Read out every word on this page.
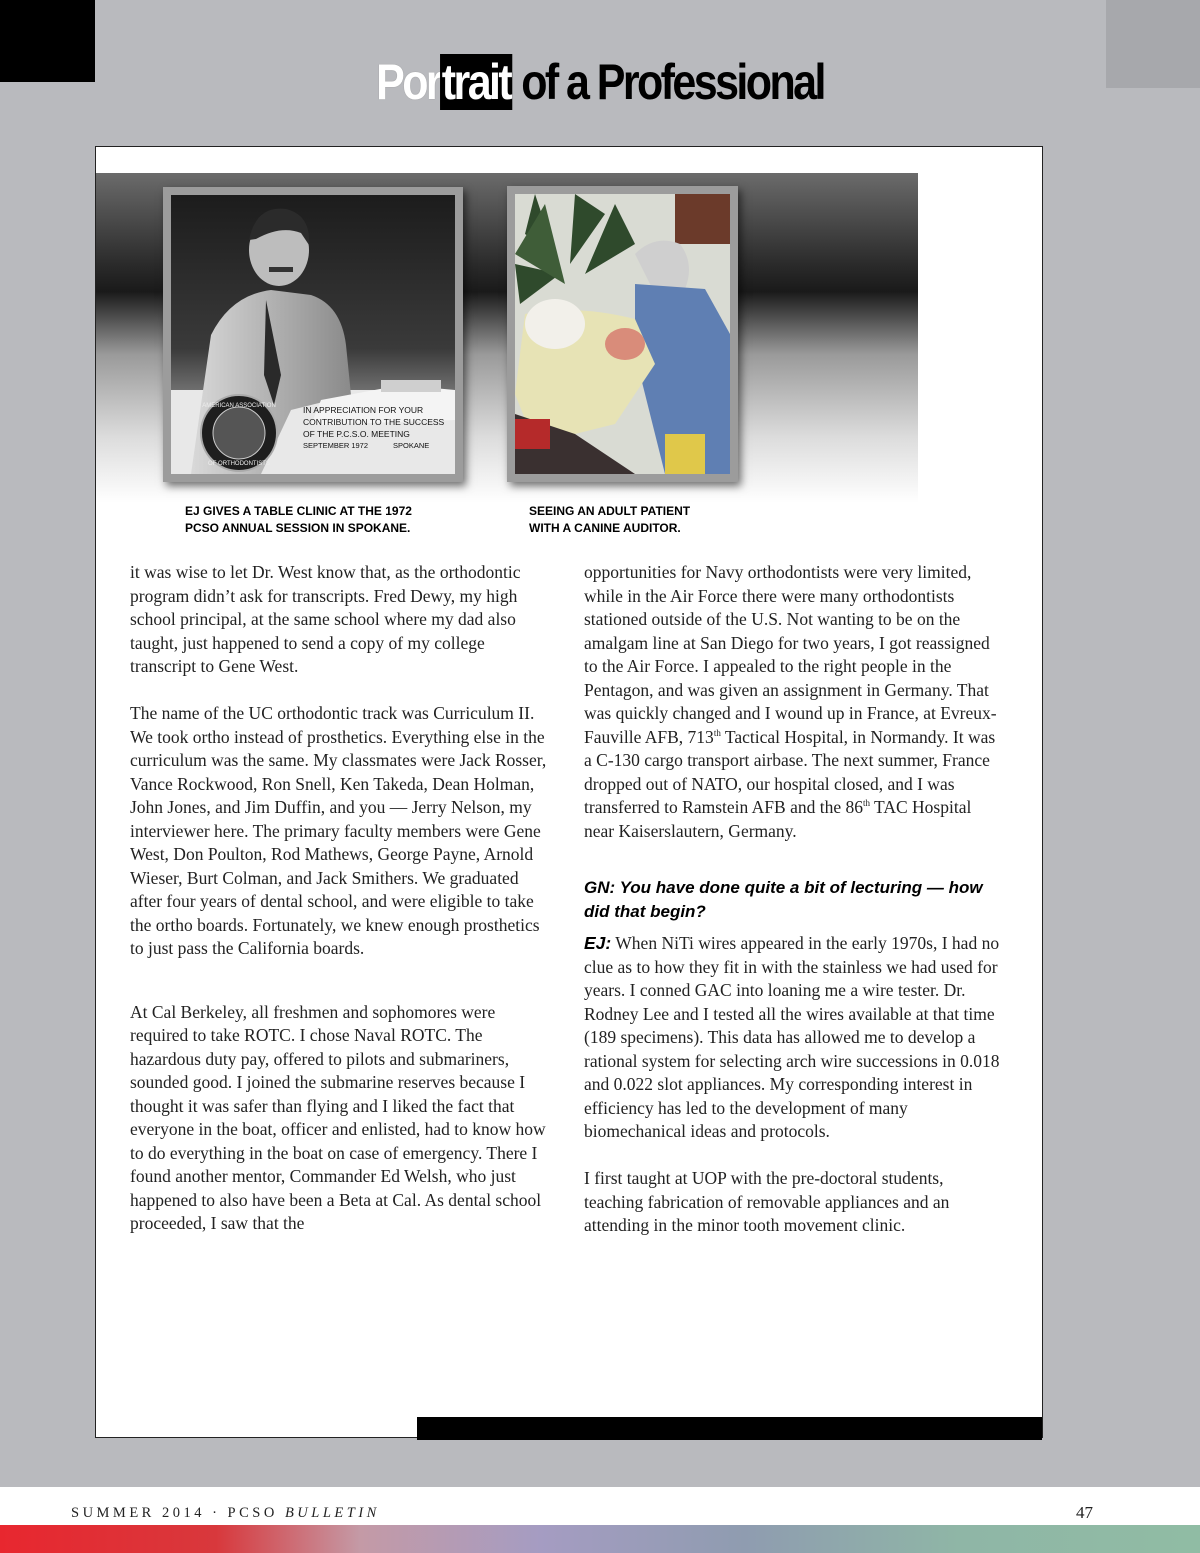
Portrait of a Professional
AMERICAN ASSOCIATION
OF ORTHODONTISTS
IN APPRECIATION FOR YOUR
CONTRIBUTION TO THE SUCCESS
OF THE P.C.S.O. MEETING
SEPTEMBER 1972	SPOKANE
EJ GIVES A TABLE CLINIC AT THE 1972
PCSO ANNUAL SESSION IN SPOKANE.
SEEING AN ADULT PATIENT
WITH A CANINE AUDITOR.

it was wise to let Dr. West know that, as the orthodontic program didn’t ask for transcripts. Fred Dewy, my high school principal, at the same school where my dad also taught, just happened to send a copy of my college transcript to Gene West.

The name of the UC orthodontic track was Curriculum II. We took ortho instead of prosthetics. Everything else in the curriculum was the same. My classmates were Jack Rosser, Vance Rockwood, Ron Snell, Ken Takeda, Dean Holman, John Jones, and Jim Duffin, and you — Jerry Nelson, my interviewer here. The primary faculty members were Gene West, Don Poulton, Rod Mathews, George Payne, Arnold Wieser, Burt Colman, and Jack Smithers. We graduated after four years of dental school, and were eligible to take the ortho boards. Fortunately, we knew enough prosthetics to just pass the California boards.

At Cal Berkeley, all freshmen and sophomores were required to take ROTC. I chose Naval ROTC. The hazardous duty pay, offered to pilots and submariners, sounded good. I joined the submarine reserves because I thought it was safer than flying and I liked the fact that everyone in the boat, officer and enlisted, had to know how to do everything in the boat on case of emergency. There I found another mentor, Commander Ed Welsh, who just happened to also have been a Beta at Cal. As dental school proceeded, I saw that the

opportunities for Navy orthodontists were very limited, while in the Air Force there were many orthodontists stationed outside of the U.S. Not wanting to be on the amalgam line at San Diego for two years, I got reassigned to the Air Force. I appealed to the right people in the Pentagon, and was given an assignment in Germany. That was quickly changed and I wound up in France, at Evreux-Fauville AFB, 713th Tactical Hospital, in Normandy. It was a C-130 cargo transport airbase. The next summer, France dropped out of NATO, our hospital closed, and I was transferred to Ramstein AFB and the 86th TAC Hospital near Kaiserslautern, Germany.

GN: You have done quite a bit of lecturing — how did that begin?

EJ: When NiTi wires appeared in the early 1970s, I had no clue as to how they fit in with the stainless we had used for years. I conned GAC into loaning me a wire tester. Dr. Rodney Lee and I tested all the wires available at that time (189 specimens). This data has allowed me to develop a rational system for selecting arch wire successions in 0.018 and 0.022 slot appliances. My corresponding interest in efficiency has led to the development of many biomechanical ideas and protocols.

I first taught at UOP with the pre-doctoral students, teaching fabrication of removable appliances and an attending in the minor tooth movement clinic.

SUMMER 2014 · PCSO BULLETIN	47
